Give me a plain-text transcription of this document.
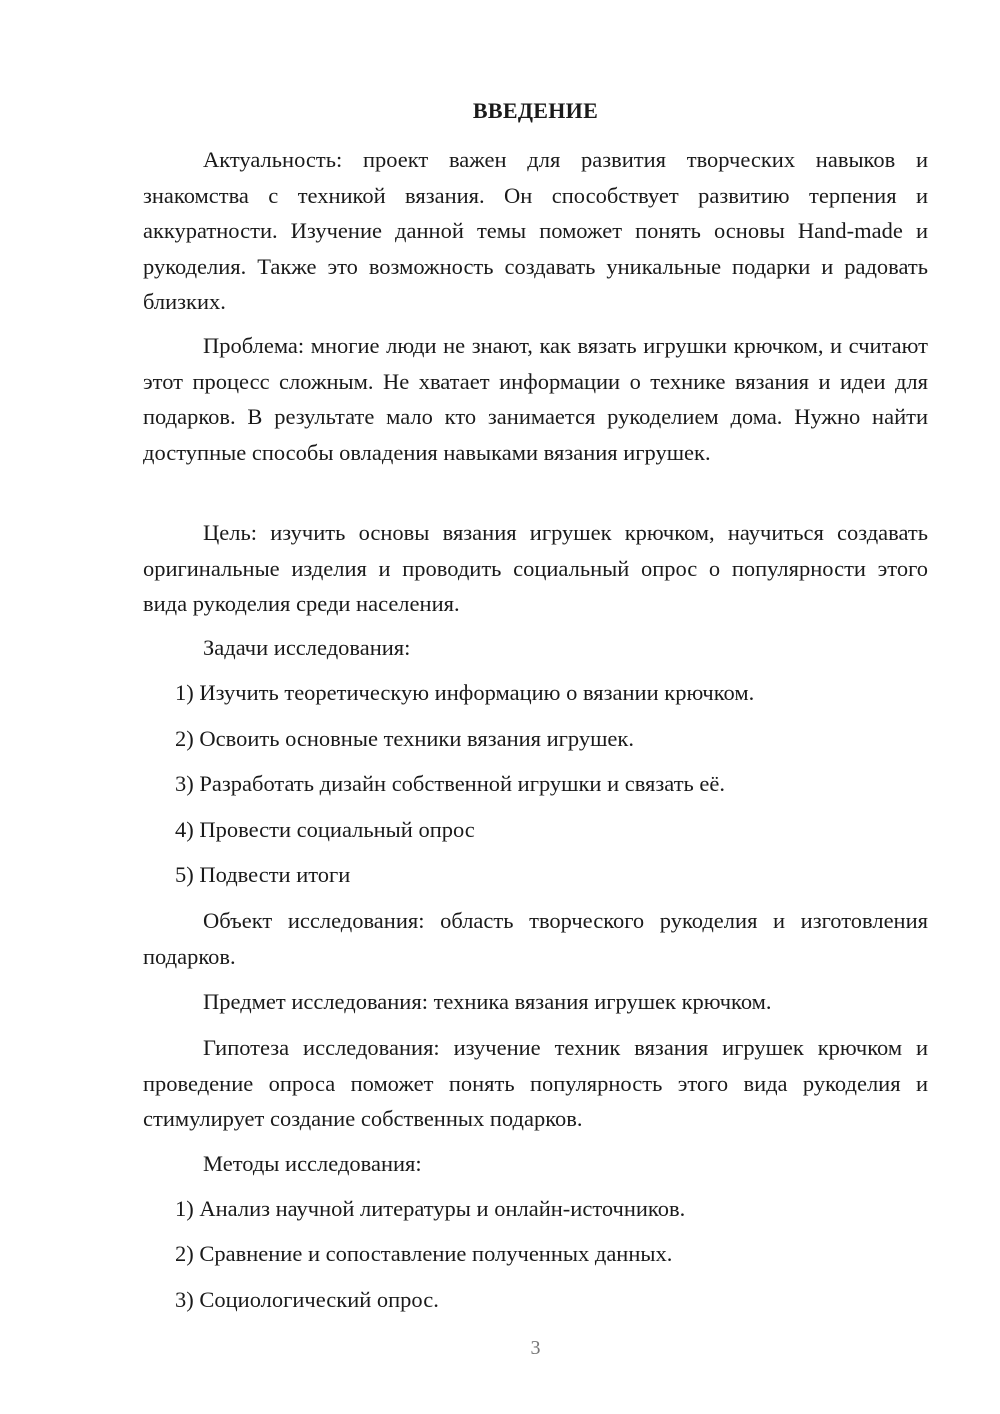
ВВЕДЕНИЕ

Актуальность: проект важен для развития творческих навыков и знакомства с техникой вязания. Он способствует развитию терпения и аккуратности. Изучение данной темы поможет понять основы Hand-made и рукоделия. Также это возможность создавать уникальные подарки и радовать близких.

Проблема: многие люди не знают, как вязать игрушки крючком, и считают этот процесс сложным. Не хватает информации о технике вязания и идеи для подарков. В результате мало кто занимается рукоделием дома. Нужно найти доступные способы овладения навыками вязания игрушек.

Цель: изучить основы вязания игрушек крючком, научиться создавать оригинальные изделия и проводить социальный опрос о популярности этого вида рукоделия среди населения.

Задачи исследования:
1) Изучить теоретическую информацию о вязании крючком.
2) Освоить основные техники вязания игрушек.
3) Разработать дизайн собственной игрушки и связать её.
4) Провести социальный опрос
5) Подвести итоги

Объект исследования: область творческого рукоделия и изготовления подарков.

Предмет исследования: техника вязания игрушек крючком.

Гипотеза исследования: изучение техник вязания игрушек крючком и проведение опроса поможет понять популярность этого вида рукоделия и стимулирует создание собственных подарков.

Методы исследования:
1) Анализ научной литературы и онлайн-источников.
2) Сравнение и сопоставление полученных данных.
3) Социологический опрос.
3
